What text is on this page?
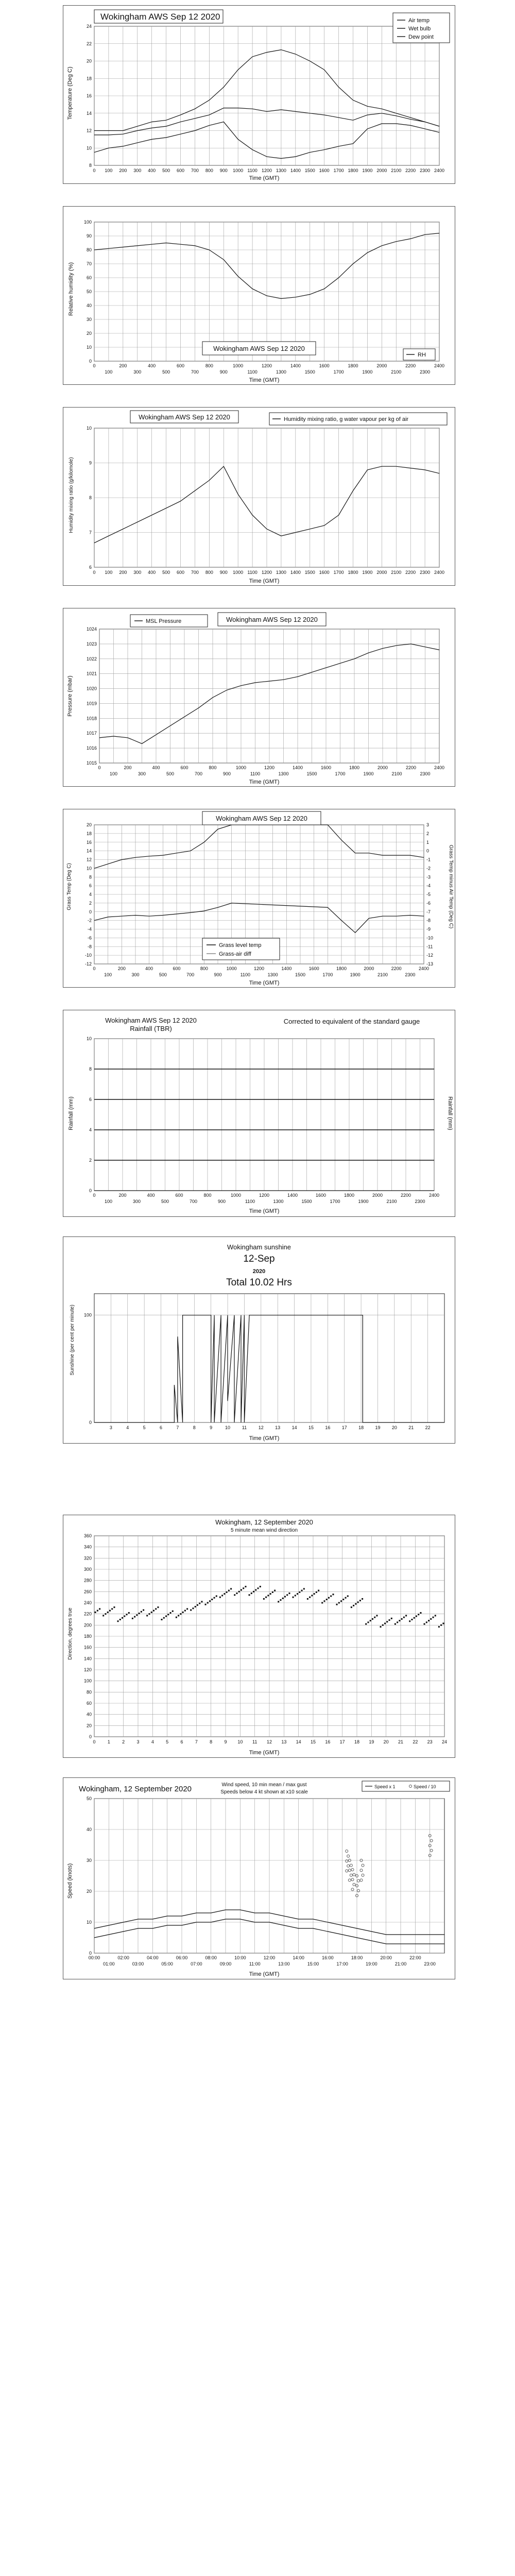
8
10
12
14
16
18
20
22
24
0 100 200 300 400 500 600 700 800 900 1000 1100 1200 1300 1400 1500 1600 1700 1800 1900 2000 2100 2200 2300 2400
Wokingham AWS Sep 12 2020	Air temp
Wet bulb
Dew point
Time (GMT)
Temperature (Deg C)
0
10
20
30
40
50
60
70
80
90
100
0	200	400	600	800	1000	1200	1400	1600	1800	2000	2200	2400
100	300	500	700	900	1100	1300	1500	1700	1900	2100	2300
Wokingham AWS Sep 12 2020
RH
Time (GMT)
Relative humidity (%)
6
7
8
9
10
0 100 200 300 400 500 600 700 800 900 1000 1100 1200 1300 1400 1500 1600 1700 1800 1900 2000 2100 2200 2300 2400
Wokingham AWS Sep 12 2020	Humidity mixing ratio, g water vapour per kg of air
Time (GMT)
Humidity mixing ratio (g/kilomole)
1015
1016
1017
1018
1019
1020
1021
1022
1023
1024
0	200	400	600	800	1000	1200	1400	1600	1800	2000	2200	2400
100	300	500	700	900	1100	1300	1500	1700	1900	2100	2300
MSL Pressure	Wokingham AWS Sep 12 2020
Time (GMT)
Pressure (mbar)
-12
-10
-8
-6
-4
-2
0
2
4
6
8
10
12
14
16
18
20
-13
-12
-11
-10
-9
-8
-7
-6
-5
-4
-3
-2
-1
0
1
2
3
0	200	400	600	800	1000	1200	1400	1600	1800	2000	2200	2400
100	300	500	700	900	1100	1300	1500	1700	1900	2100	2300
Wokingham AWS Sep 12 2020
Grass level temp
Grass-air diff
Time (GMT)
Grass Temp (Deg C)	Grass Temp minus Air Temp (Deg C)
0
2
4
6
8
10
0	200	400	600	800	1000	1200	1400	1600	1800	2000	2200	2400
100	300	500	700	900	1100	1300	1500	1700	1900	2100	2300
Wokingham AWS Sep 12 2020
Rainfall (TBR)
Corrected to equivalent of the standard gauge
Time (GMT)
Rainfall (mm)	Rainfall (mm)
0
100
3	4	5	6	7	8	9	10	11	12 13 14 15 16 17 18 19 20 21 22
Wokingham sunshine
12-Sep
2020
Total 10.02 Hrs
Time (GMT)
Sunshine (per cent per minute)
0
20
40
60
80
100
120
140
160
180
200
220
240
260
280
300
320
340
360
0	1	2	3	4	5	6	7	8	9 10 11 12 13 14 15 16 17 18 19 20 21 22 23 24
Wokingham, 12 September 2020
5 minute mean wind direction
Time (GMT)
Direction, degrees true
0
10
20
30
40
50
00:00	02:00	04:00	06:00	08:00	10:00	12:00	14:00	16:00	18:00	20:00	22:00
01:00	03:00	05:00	07:00	09:00	11:00	13:00	15:00	17:00	19:00	21:00	23:00
Wokingham, 12 September 2020	Wind speed, 10 min mean / max gust
Speeds below 4 kt shown at x10 scale
Speed x 1	Speed / 10
Time (GMT)
Speed (knots)
